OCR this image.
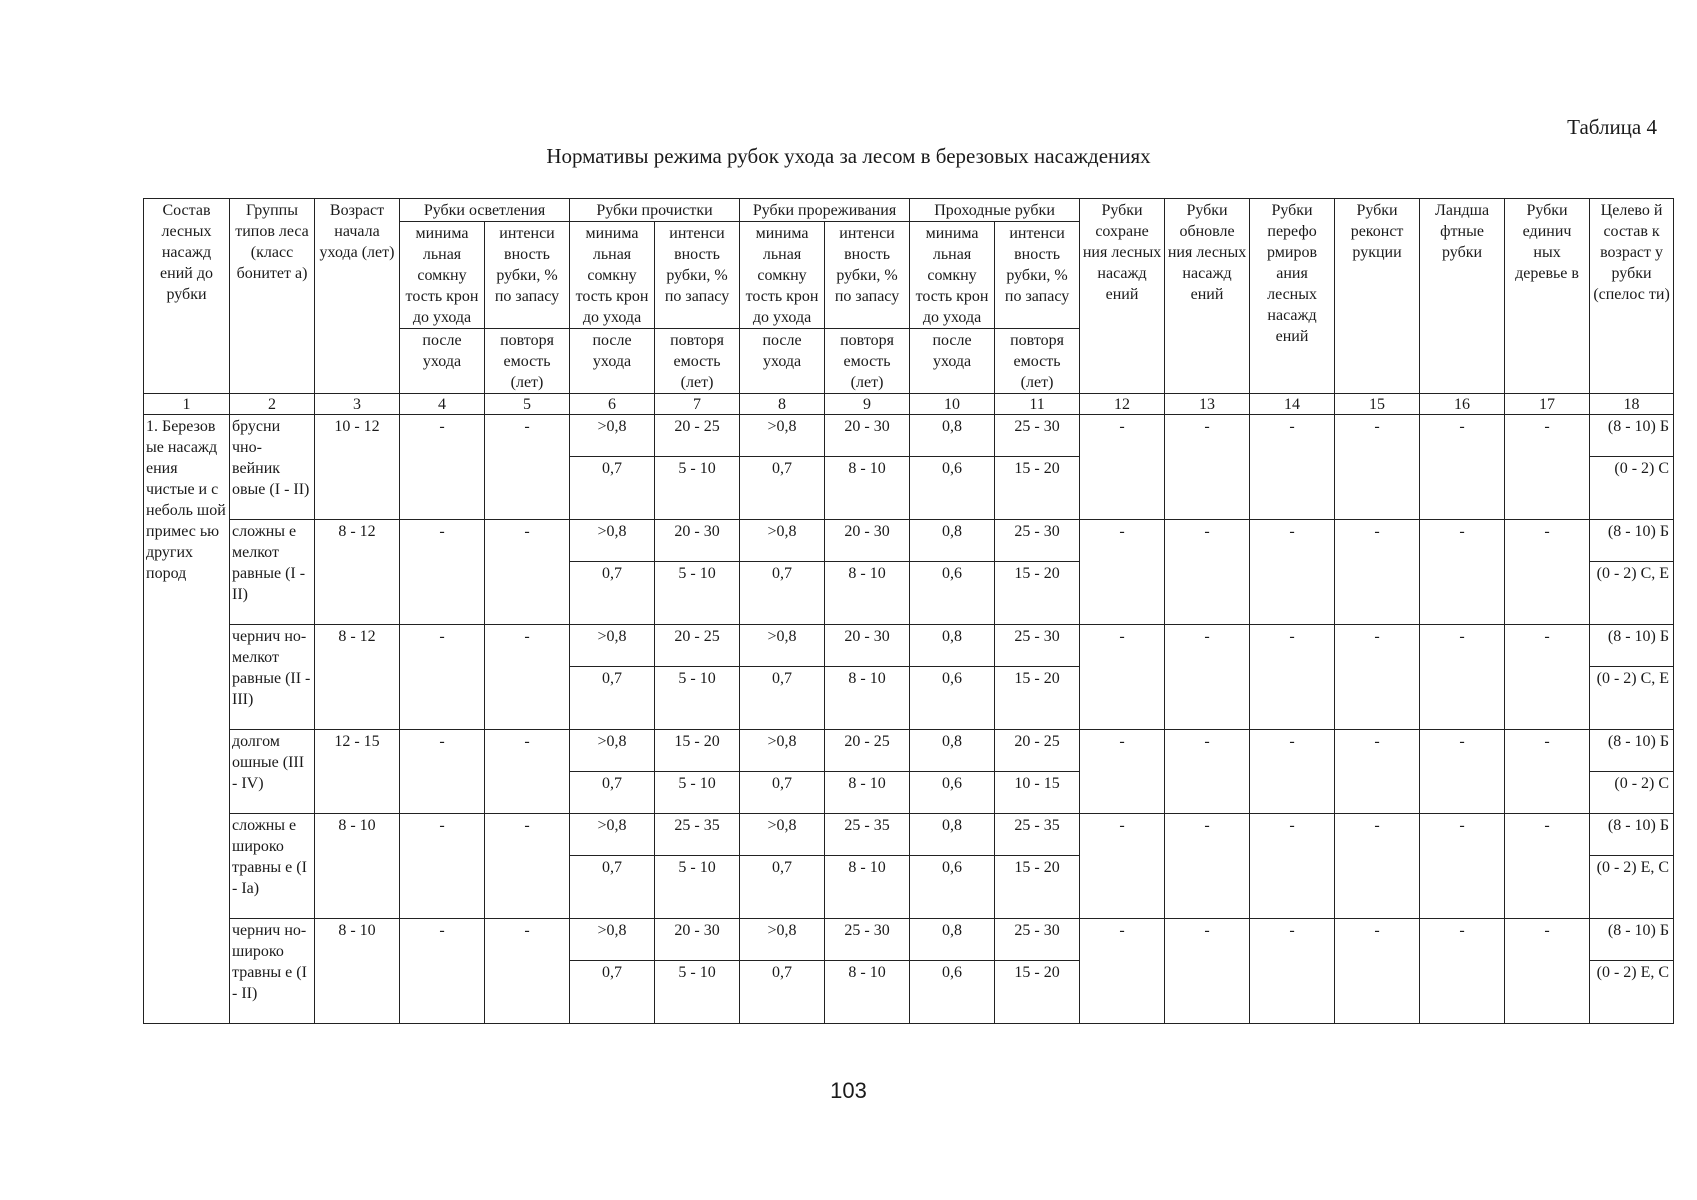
Таблица 4
Нормативы режима рубок ухода за лесом в березовых насаждениях
Состав лесных насажд ений до рубки	Группы типов леса (класс бонитет а)	Возраст начала ухода (лет)	Рубки осветления		Рубки прочистки		Рубки прореживания		Проходные рубки		Рубки сохране ния лесных насажд ений	Рубки обновле ния лесных насажд ений	Рубки перефо рмиров ания лесных насажд ений	Рубки реконст рукции	Ландша фтные рубки	Рубки единич ных деревье в	Целево й состав к возраст у рубки (спелос ти)
			минима льная сомкну тость крон до ухода	интенси вность рубки, % по запасу	минима льная сомкну тость крон до ухода	интенси вность рубки, % по запасу	минима льная сомкну тость крон до ухода	интенси вность рубки, % по запасу	минима льная сомкну тость крон до ухода	интенси вность рубки, % по запасу							
			после ухода	повторя емость (лет)	после ухода	повторя емость (лет)	после ухода	повторя емость (лет)	после ухода	повторя емость (лет)							
1	2	3	4	5	6	7	8	9	10	11	12	13	14	15	16	17	18
1. Березов ые насажд ения чистые и с неболь шой примес ью других пород	брусни чно- вейник овые (I - II)	10 - 12	-	-	>0,8	20 - 25	>0,8	20 - 30	0,8	25 - 30	-	-	-	-	-	-	(8 - 10) Б
					0,7	5 - 10	0,7	8 - 10	0,6	15 - 20							(0 - 2) С
	сложны е мелкот равные (I - II)	8 - 12	-	-	>0,8	20 - 30	>0,8	20 - 30	0,8	25 - 30	-	-	-	-	-	-	(8 - 10) Б
					0,7	5 - 10	0,7	8 - 10	0,6	15 - 20							(0 - 2) С, Е
	чернич но- мелкот равные (II - III)	8 - 12	-	-	>0,8	20 - 25	>0,8	20 - 30	0,8	25 - 30	-	-	-	-	-	-	(8 - 10) Б
					0,7	5 - 10	0,7	8 - 10	0,6	15 - 20							(0 - 2) С, Е
	долгом ошные (III - IV)	12 - 15	-	-	>0,8	15 - 20	>0,8	20 - 25	0,8	20 - 25	-	-	-	-	-	-	(8 - 10) Б
					0,7	5 - 10	0,7	8 - 10	0,6	10 - 15							(0 - 2) С
	сложны е широко травны е (I - Ia)	8 - 10	-	-	>0,8	25 - 35	>0,8	25 - 35	0,8	25 - 35	-	-	-	-	-	-	(8 - 10) Б
					0,7	5 - 10	0,7	8 - 10	0,6	15 - 20							(0 - 2) Е, С
	чернич но- широко травны е (I - II)	8 - 10	-	-	>0,8	20 - 30	>0,8	25 - 30	0,8	25 - 30	-	-	-	-	-	-	(8 - 10) Б
					0,7	5 - 10	0,7	8 - 10	0,6	15 - 20							(0 - 2) Е, С
103
